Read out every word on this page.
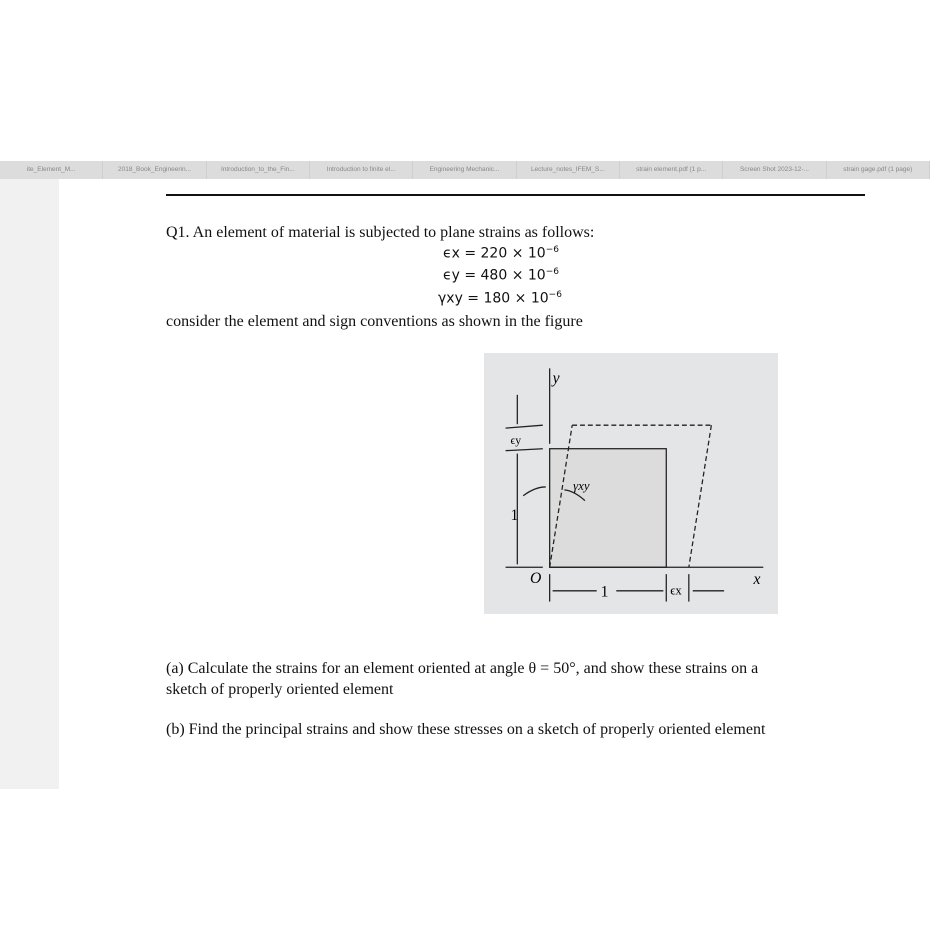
ite_Element_M...	2018_Book_Engineerin...	Introduction_to_the_Fin...	Introduction to finite el...	Engineering Mechanic...	Lecture_notes_IFEM_S...	strain element.pdf (1 p...	Screen Shot 2023-12-...	strain gage.pdf (1 page)
Q1. An element of material is subjected to plane strains as follows:
$\epsilon x = 220 \times 10^{-6}$
$\epsilon y = 480 \times 10^{-6}$
$\gamma xy = 180 \times 10^{-6}$
consider the element and sign conventions as shown in the figure
y
x
O
1
1
ϵy
ϵx
γxy
(a) Calculate the strains for an element oriented at angle θ = 50°, and show these strains on a
sketch of properly oriented element
(b) Find the principal strains and show these stresses on a sketch of properly oriented element
